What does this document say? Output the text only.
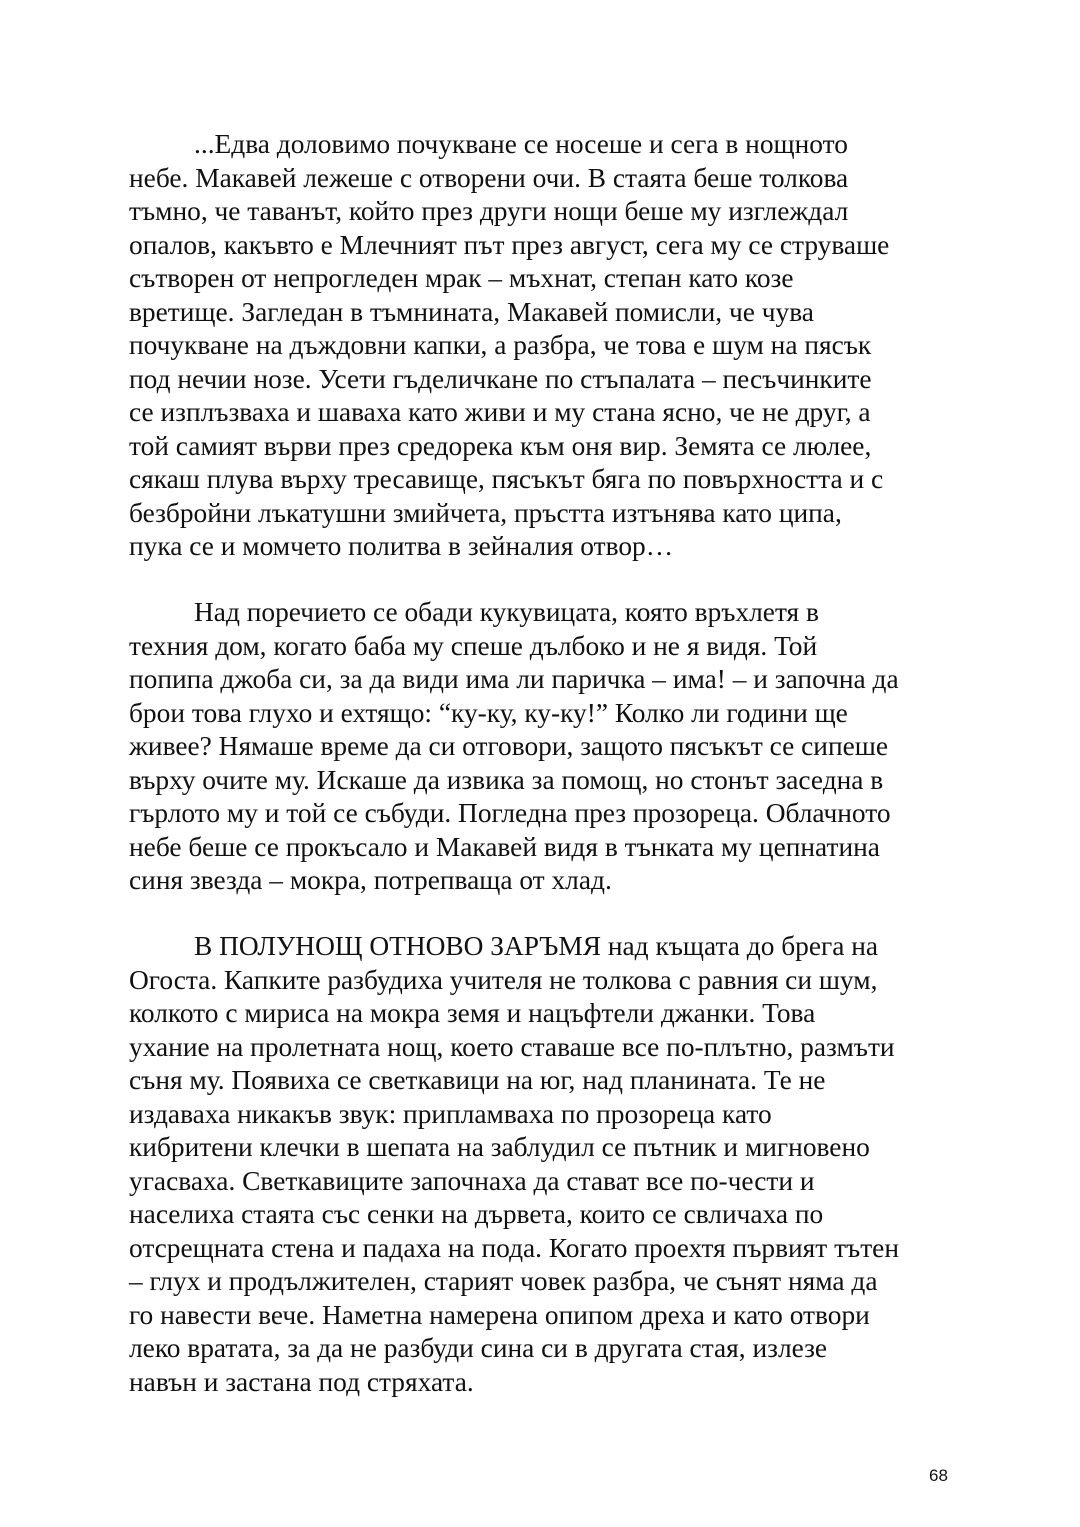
...Едва доловимо почукване се носеше и сега в нощното
небе. Макавей лежеше с отворени очи. В стаята беше толкова
тъмно, че таванът, който през други нощи беше му изглеждал
опалов, какъвто е Млечният път през август, сега му се струваше
сътворен от непрогледен мрак – мъхнат, степан като козе
вретище. Загледан в тъмнината, Макавей помисли, че чува
почукване на дъждовни капки, а разбра, че това е шум на пясък
под нечии нозе. Усети гъделичкане по стъпалата – песъчинките
се изплъзваха и шаваха като живи и му стана ясно, че не друг, а
той самият върви през средорека към оня вир. Земята се люлее,
сякаш плува върху тресавище, пясъкът бяга по повърхността и с
безбройни лъкатушни змийчета, пръстта изтънява като ципа,
пука се и момчето политва в зейналия отвор…

Над поречието се обади кукувицата, която връхлетя в
техния дом, когато баба му спеше дълбоко и не я видя. Той
попипа джоба си, за да види има ли паричка – има! – и започна да
брои това глухо и ехтящо: “ку-ку, ку-ку!” Колко ли години ще
живее? Нямаше време да си отговори, защото пясъкът се сипеше
върху очите му. Искаше да извика за помощ, но стонът заседна в
гърлото му и той се събуди. Погледна през прозореца. Облачното
небе беше се прокъсало и Макавей видя в тънката му цепнатина
синя звезда – мокра, потрепваща от хлад.

В ПОЛУНОЩ ОТНОВО ЗАРЪМЯ над къщата до брега на
Огоста. Капките разбудиха учителя не толкова с равния си шум,
колкото с мириса на мокра земя и нацъфтели джанки. Това
ухание на пролетната нощ, което ставаше все по-плътно, размъти
съня му. Появиха се светкавици на юг, над планината. Те не
издаваха никакъв звук: припламваха по прозореца като
кибритени клечки в шепата на заблудил се пътник и мигновено
угасваха. Светкавиците започнаха да стават все по-чести и
населиха стаята със сенки на дървета, които се свличаха по
отсрещната стена и падаха на пода. Когато проехтя първият тътен
– глух и продължителен, старият човек разбра, че сънят няма да
го навести вече. Наметна намерена опипом дреха и като отвори
леко вратата, за да не разбуди сина си в другата стая, излезе
навън и застана под стряхата.

68
